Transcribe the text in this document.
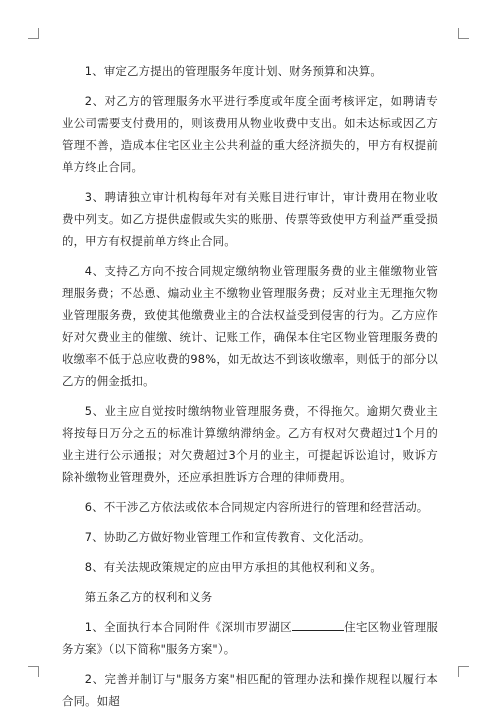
1、审定乙方提出的管理服务年度计划、财务预算和决算。

2、对乙方的管理服务水平进行季度或年度全面考核评定，如聘请专业公司需要支付费用的，则该费用从物业收费中支出。如未达标或因乙方管理不善，造成本住宅区业主公共利益的重大经济损失的，甲方有权提前单方终止合同。

3、聘请独立审计机构每年对有关账目进行审计，审计费用在物业收费中列支。如乙方提供虚假或失实的账册、传票等致使甲方利益严重受损的，甲方有权提前单方终止合同。

4、支持乙方向不按合同规定缴纳物业管理服务费的业主催缴物业管理服务费；不怂恿、煽动业主不缴物业管理服务费；反对业主无理拖欠物业管理服务费，致使其他缴费业主的合法权益受到侵害的行为。乙方应作好对欠费业主的催缴、统计、记账工作，确保本住宅区物业管理服务费的收缴率不低于总应收费的98%，如无故达不到该收缴率，则低于的部分以乙方的佣金抵扣。

5、业主应自觉按时缴纳物业管理服务费，不得拖欠。逾期欠费业主将按每日万分之五的标准计算缴纳滞纳金。乙方有权对欠费超过1个月的业主进行公示通报；对欠费超过3个月的业主，可提起诉讼追讨，败诉方除补缴物业管理费外，还应承担胜诉方合理的律师费用。

6、不干涉乙方依法或依本合同规定内容所进行的管理和经营活动。

7、协助乙方做好物业管理工作和宣传教育、文化活动。

8、有关法规政策规定的应由甲方承担的其他权利和义务。

第五条乙方的权利和义务

1、全面执行本合同附件《深圳市罗湖区	住宅区物业管理服务方案》（以下简称"服务方案"）。

2、完善并制订与"服务方案"相匹配的管理办法和操作规程以履行本合同。如超
